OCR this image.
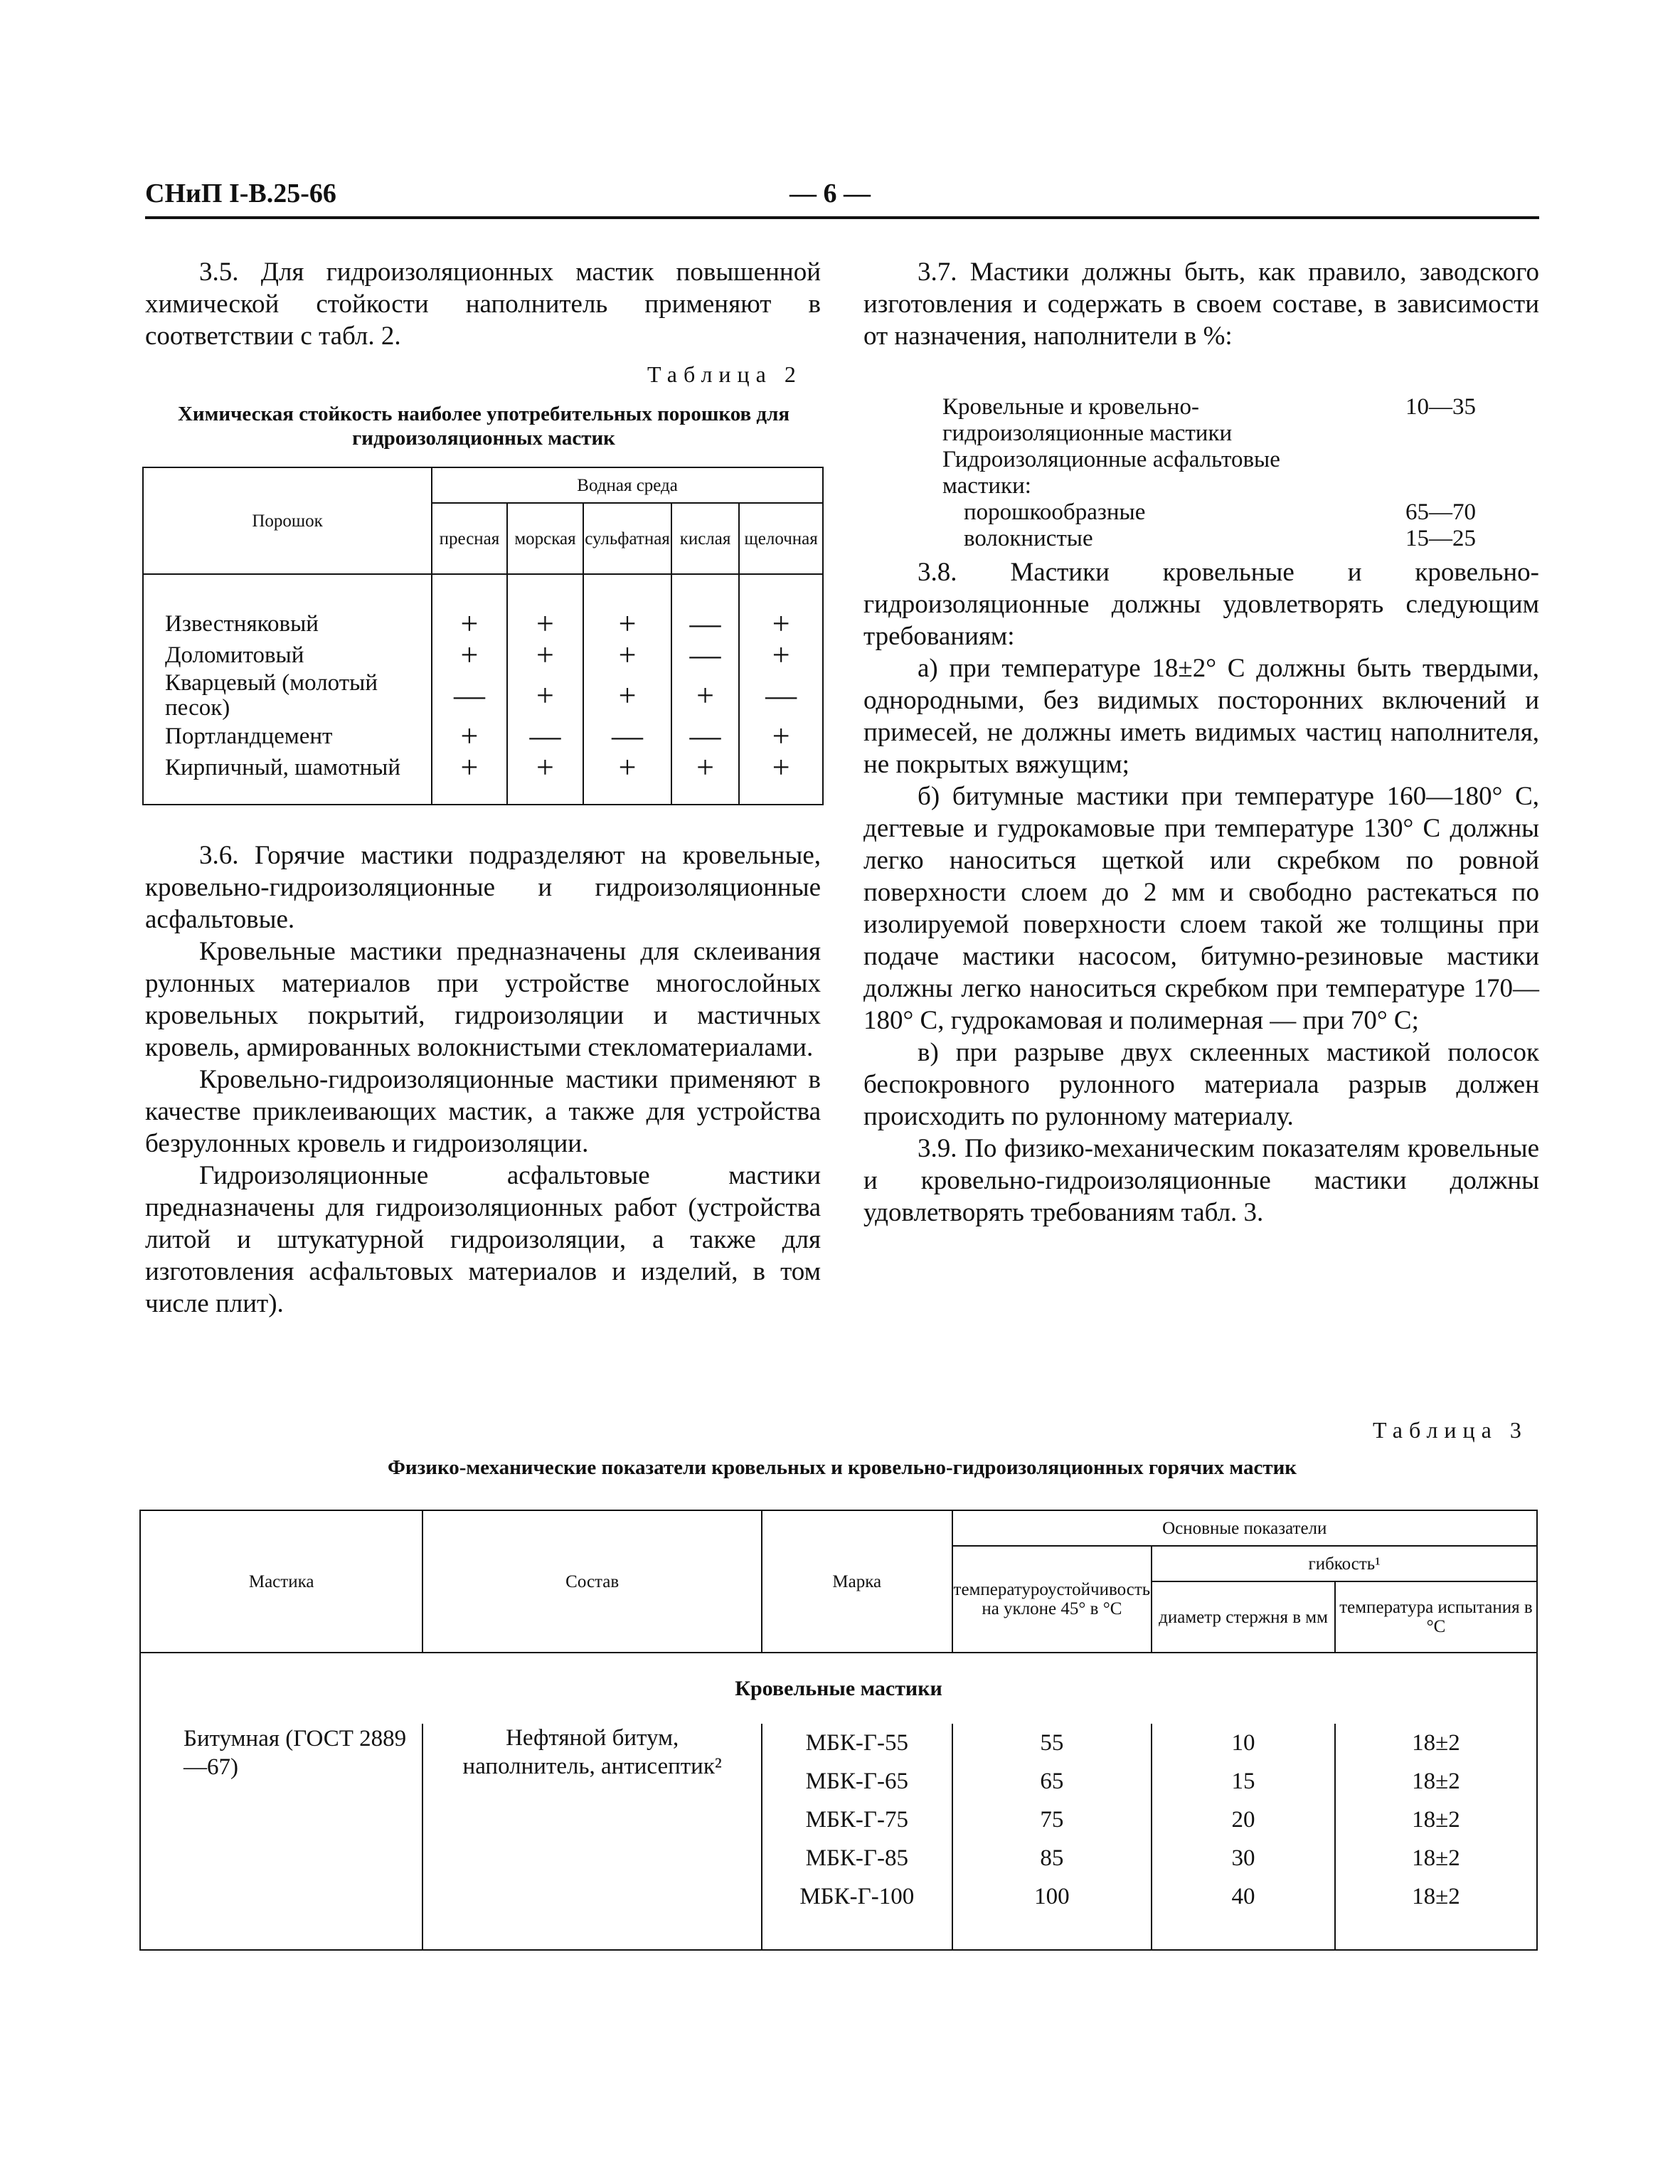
СНиП I-В.25-66	— 6 —

3.5. Для гидроизоляционных мастик повышенной химической стойкости наполнитель применяют в соответствии с табл. 2.

Таблица 2
Химическая стойкость наиболее употребительных порошков для гидроизоляционных мастик
Порошок	Водная среда				
	пресная	морская	сульфатная	кислая	щелочная

Известняковый	+	+	+	—	+
Доломитовый	+	+	+	—	+
Кварцевый (молотый песок)	—	+	+	+	—
Портландцемент	+	—	—	—	+
Кирпичный, шамотный	+	+	+	+	+

3.6. Горячие мастики подразделяют на кровельные, кровельно-гидроизоляционные и гидроизоляционные асфальтовые.

Кровельные мастики предназначены для склеивания рулонных материалов при устройстве многослойных кровельных покрытий, гидроизоляции и мастичных кровель, армированных волокнистыми стекломатериалами.

Кровельно-гидроизоляционные мастики применяют в качестве приклеивающих мастик, а также для устройства безрулонных кровель и гидроизоляции.

Гидроизоляционные асфальтовые мастики предназначены для гидроизоляционных работ (устройства литой и штукатурной гидроизоляции, а также для изготовления асфальтовых материалов и изделий, в том числе плит).

3.7. Мастики должны быть, как правило, заводского изготовления и содержать в своем составе, в зависимости от назначения, наполнители в %:

Кровельные и кровельно-гидроизоляционные мастики
10—35
Гидроизоляционные асфальтовые мастики:
порошкообразные	65—70
волокнистые	15—25

3.8. Мастики кровельные и кровельно-гидроизоляционные должны удовлетворять следующим требованиям:

а) при температуре 18±2° С должны быть твердыми, однородными, без видимых посторонних включений и примесей, не должны иметь видимых частиц наполнителя, не покрытых вяжущим;

б) битумные мастики при температуре 160—180° С, дегтевые и гудрокамовые при температуре 130° С должны легко наноситься щеткой или скребком по ровной поверхности слоем до 2 мм и свободно растекаться по изолируемой поверхности слоем такой же толщины при подаче мастики насосом, битумно-резиновые мастики должны легко наноситься скребком при температуре 170—180° С, гудрокамовая и полимерная — при 70° С;

в) при разрыве двух склеенных мастикой полосок беспокровного рулонного материала разрыв должен происходить по рулонному материалу.

3.9. По физико-механическим показателям кровельные и кровельно-гидроизоляционные мастики должны удовлетворять требованиям табл. 3.

Таблица 3
Физико-механические показатели кровельных и кровельно-гидроизоляционных горячих мастик
Мастика	Состав	Марка	Основные показатели		
			температуроустойчивость на уклоне 45° в °С	гибкость¹	
				диаметр стержня в мм	температура испытания в °С
Кровельные мастики					
Битумная (ГОСТ 2889—67)	Нефтяной битум, наполнитель, антисептик²	МБК-Г-55	55	10	18±2
		МБК-Г-65	65	15	18±2
		МБК-Г-75	75	20	18±2
		МБК-Г-85	85	30	18±2
		МБК-Г-100	100	40	18±2
